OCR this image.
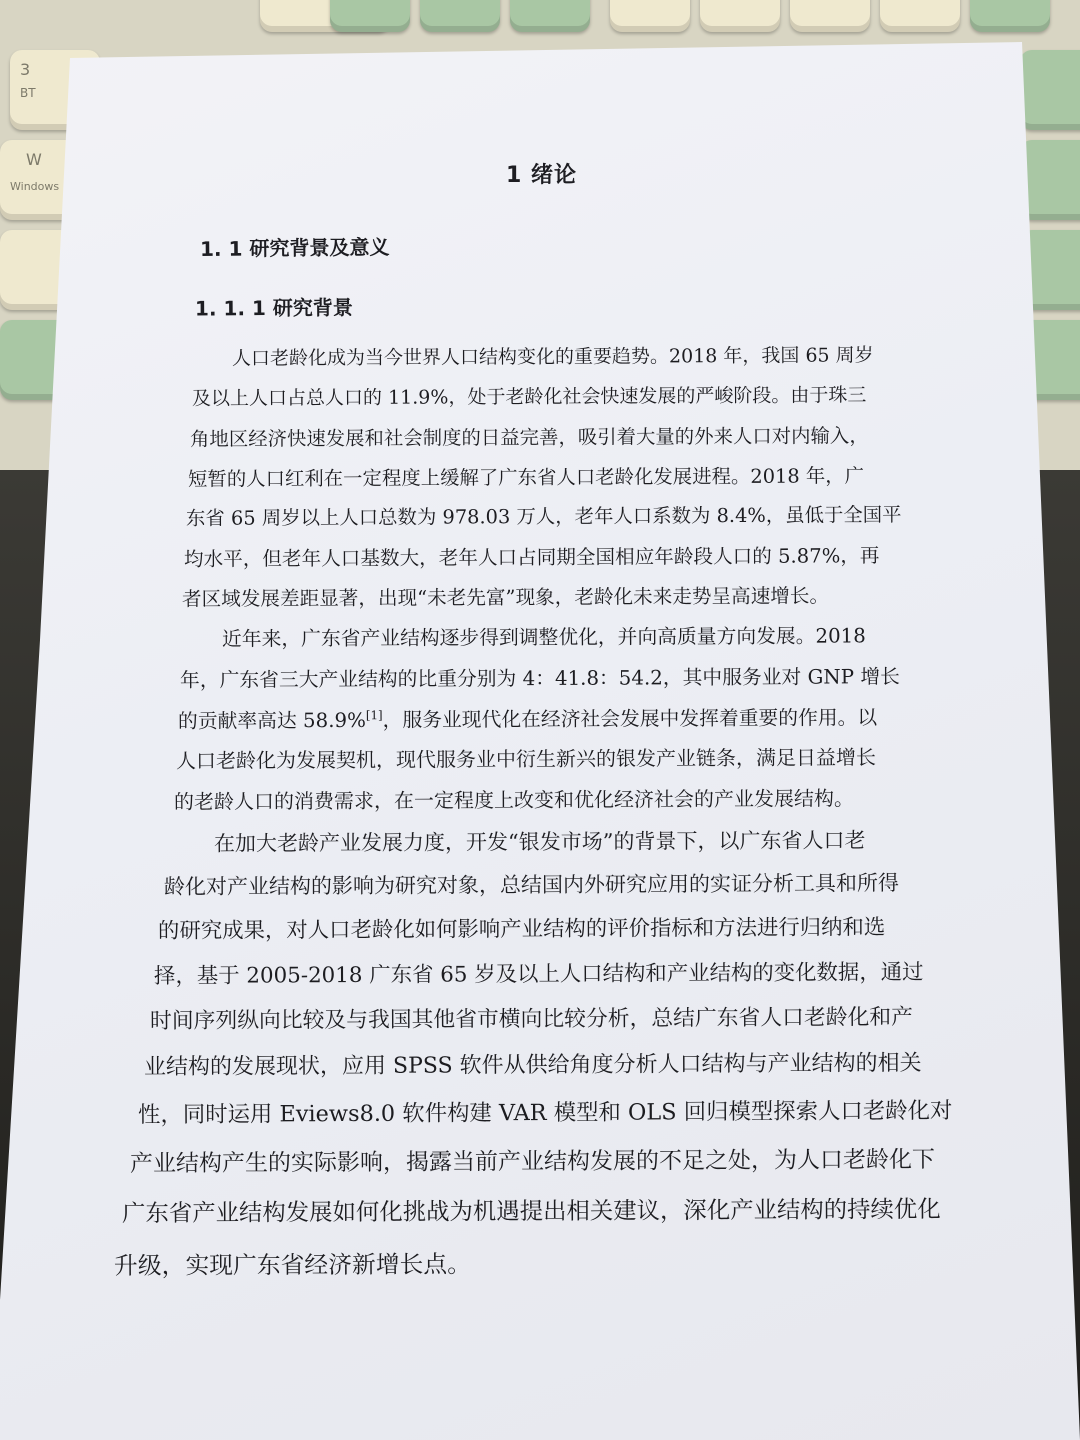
3
BT
W
Windows	1 绪论
1. 1 研究背景及意义
1. 1. 1 研究背景
人口老龄化成为当今世界人口结构变化的重要趋势。2018 年，我国 65 周岁
及以上人口占总人口的 11.9%，处于老龄化社会快速发展的严峻阶段。由于珠三
角地区经济快速发展和社会制度的日益完善，吸引着大量的外来人口对内输入，
短暂的人口红利在一定程度上缓解了广东省人口老龄化发展进程。2018 年，广
东省 65 周岁以上人口总数为 978.03 万人，老年人口系数为 8.4%，虽低于全国平
均水平，但老年人口基数大，老年人口占同期全国相应年龄段人口的 5.87%，再
者区域发展差距显著，出现“未老先富”现象，老龄化未来走势呈高速增长。
近年来，广东省产业结构逐步得到调整优化，并向高质量方向发展。2018
年，广东省三大产业结构的比重分别为 4：41.8：54.2，其中服务业对 GNP 增长
的贡献率高达 58.9%[1]，服务业现代化在经济社会发展中发挥着重要的作用。以
人口老龄化为发展契机，现代服务业中衍生新兴的银发产业链条，满足日益增长
的老龄人口的消费需求，在一定程度上改变和优化经济社会的产业发展结构。
在加大老龄产业发展力度，开发“银发市场”的背景下，以广东省人口老
龄化对产业结构的影响为研究对象，总结国内外研究应用的实证分析工具和所得
的研究成果，对人口老龄化如何影响产业结构的评价指标和方法进行归纳和选
择，基于 2005-2018 广东省 65 岁及以上人口结构和产业结构的变化数据，通过
时间序列纵向比较及与我国其他省市横向比较分析，总结广东省人口老龄化和产
业结构的发展现状，应用 SPSS 软件从供给角度分析人口结构与产业结构的相关
性，同时运用 Eviews8.0 软件构建 VAR 模型和 OLS 回归模型探索人口老龄化对
产业结构产生的实际影响，揭露当前产业结构发展的不足之处，为人口老龄化下
广东省产业结构发展如何化挑战为机遇提出相关建议，深化产业结构的持续优化
升级，实现广东省经济新增长点。
